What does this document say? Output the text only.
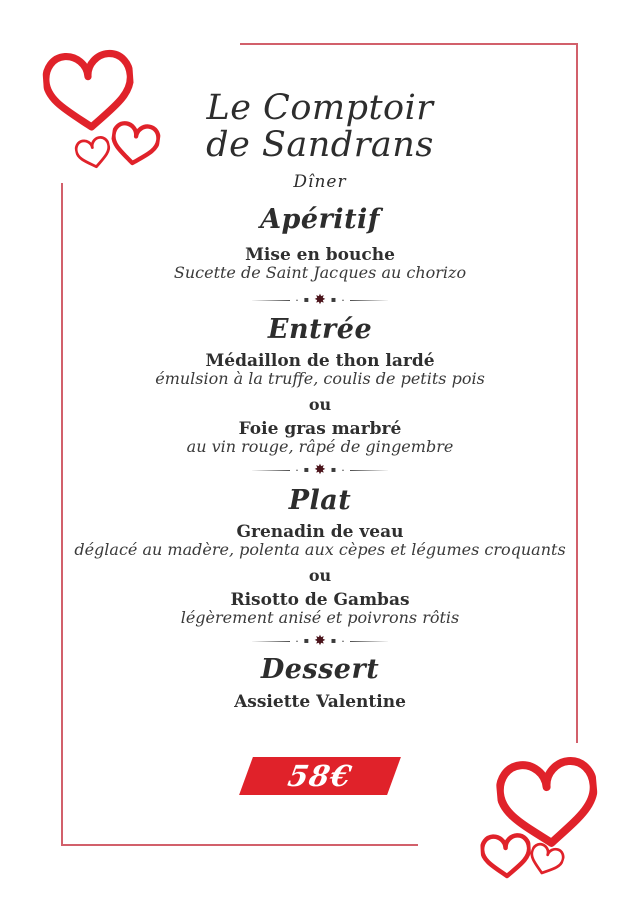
Le Comptoir
de Sandrans
Dîner
Apéritif
Mise en bouche
Sucette de Saint Jacques au chorizo
· ▪ ✸ ▪ ·
Entrée
Médaillon de thon lardé
émulsion à la truffe, coulis de petits pois
ou
Foie gras marbré
au vin rouge, râpé de gingembre
· ▪ ✸ ▪ ·
Plat
Grenadin de veau
déglacé au madère, polenta aux cèpes et légumes croquants
ou
Risotto de Gambas
légèrement anisé et poivrons rôtis
· ▪ ✸ ▪ ·
Dessert
Assiette Valentine
58€
